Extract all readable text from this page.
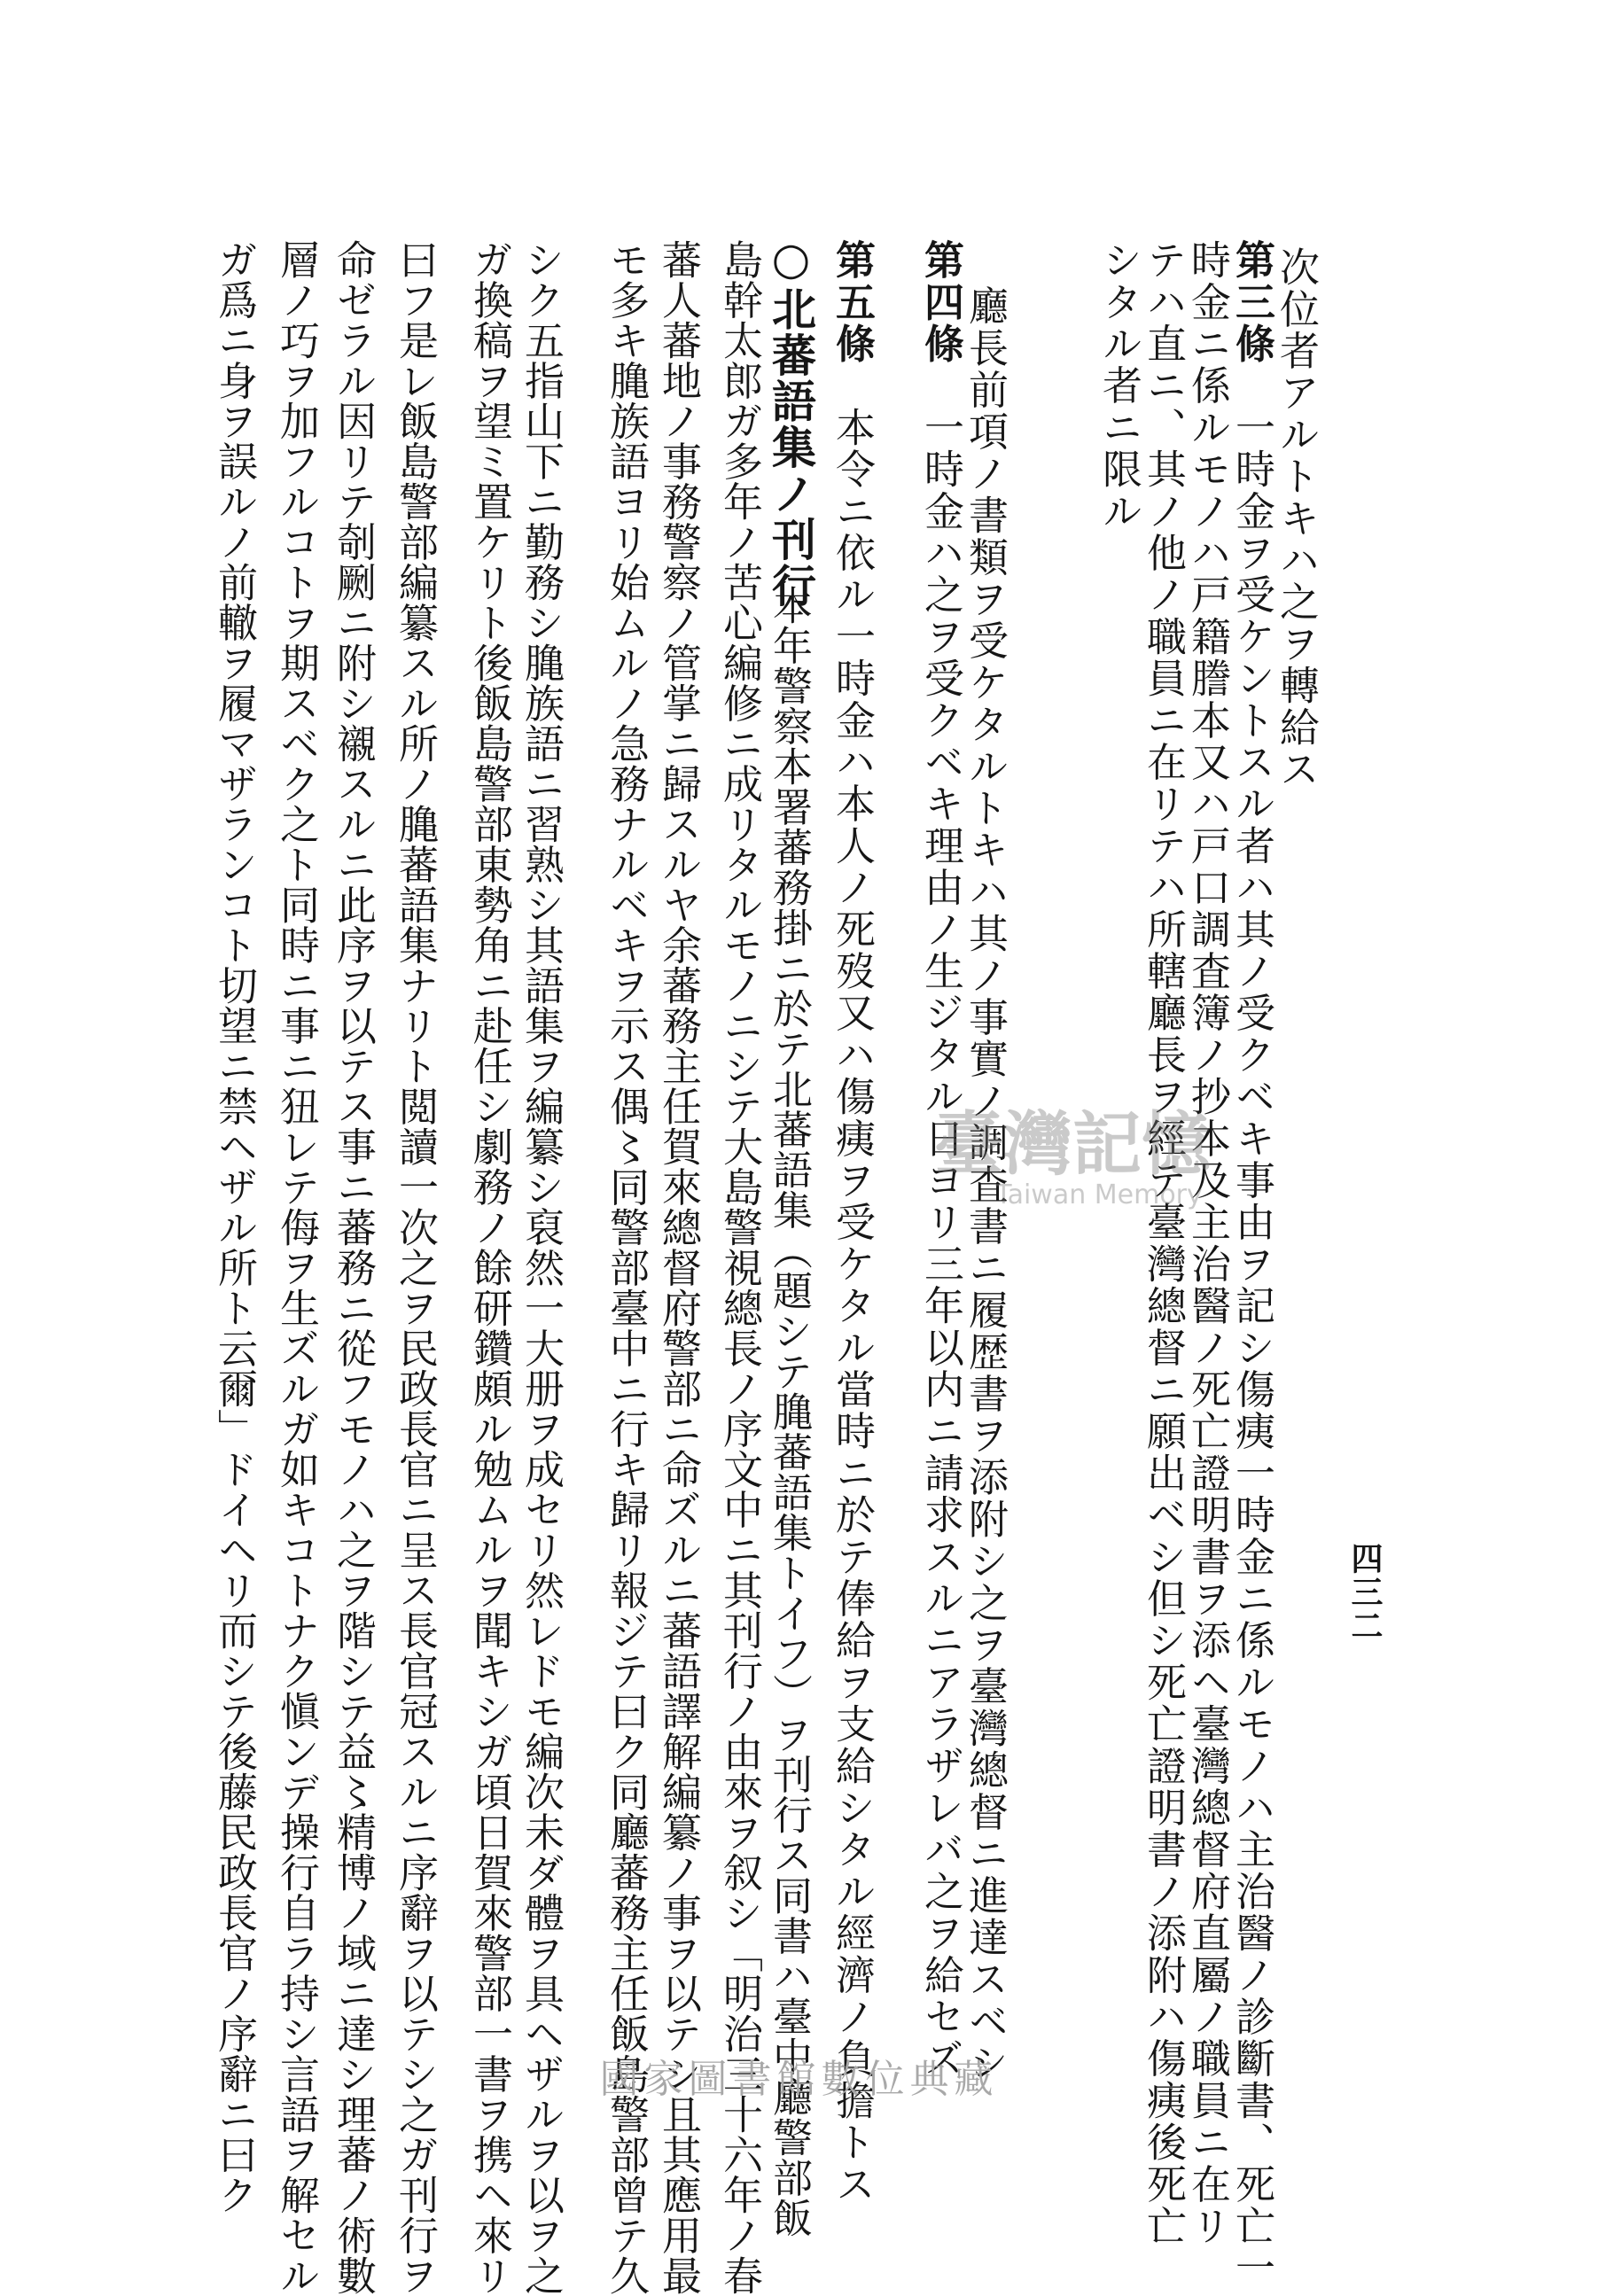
四三二
次位者アルトキハ之ヲ轉給ス
第三條　一時金ヲ受ケントスル者ハ其ノ受クベキ事由ヲ記シ傷痍一時金ニ係ルモノハ主治醫ノ診斷書、死亡一
時金ニ係ルモノハ戸籍謄本又ハ戸口調査簿ノ抄本及主治醫ノ死亡證明書ヲ添ヘ臺灣總督府直屬ノ職員ニ在リ
テハ直ニ、其ノ他ノ職員ニ在リテハ所轄廳長ヲ經テ臺灣總督ニ願出ベシ但シ死亡證明書ノ添附ハ傷痍後死亡
シタル者ニ限ル
廳長前項ノ書類ヲ受ケタルトキハ其ノ事實ノ調査書ニ履歴書ヲ添附シ之ヲ臺灣總督ニ進達スベシ
第四條　一時金ハ之ヲ受クベキ理由ノ生ジタル日ヨリ三年以内ニ請求スルニアラザレバ之ヲ給セズ
第五條　本令ニ依ル一時金ハ本人ノ死歿又ハ傷痍ヲ受ケタル當時ニ於テ俸給ヲ支給シタル經濟ノ負擔トス
○北蕃語集ノ刊行
本年警察本署蕃務掛ニ於テ北蕃語集（題シテ𪚲蕃語集トイフ）ヲ刊行ス同書ハ臺中廳警部飯
島幹太郎ガ多年ノ苦心編修ニ成リタルモノニシテ大島警視總長ノ序文中ニ其刊行ノ由來ヲ叙シ「明治三十六年ノ春
蕃人蕃地ノ事務警察ノ管掌ニ歸スルヤ余蕃務主任賀來總督府警部ニ命ズルニ蕃語譯解編纂ノ事ヲ以テシ且其應用最
モ多キ𪚲族語ヨリ始ムルノ急務ナルベキヲ示ス偶〻同警部臺中ニ行キ歸リ報ジテ曰ク同廳蕃務主任飯島警部曾テ久
シク五指山下ニ勤務シ𪚲族語ニ習熟シ其語集ヲ編纂シ裒然一大册ヲ成セリ然レドモ編次未ダ體ヲ具ヘザルヲ以ヲ之
ガ換稿ヲ望ミ置ケリト後飯島警部東勢角ニ赴任シ劇務ノ餘研鑽頗ル勉ムルヲ聞キシガ頃日賀來警部一書ヲ携ヘ來リ
曰フ是レ飯島警部編纂スル所ノ𪚲蕃語集ナリト閲讀一次之ヲ民政長官ニ呈ス長官冠スルニ序辭ヲ以テシ之ガ刊行ヲ
命ゼラル因リテ剞劂ニ附シ襯スルニ此序ヲ以テス事ニ蕃務ニ從フモノハ之ヲ階シテ益〻精博ノ域ニ達シ理蕃ノ術數
層ノ巧ヲ加フルコトヲ期スベク之ト同時ニ事ニ狃レテ侮ヲ生ズルガ如キコトナク愼ンデ操行自ラ持シ言語ヲ解セル
ガ爲ニ身ヲ誤ルノ前轍ヲ履マザランコト切望ニ禁ヘザル所ト云爾」ドイヘリ而シテ後藤民政長官ノ序辭ニ曰ク	臺灣記憶
Taiwan Memory
國家圖書館數位典藏
